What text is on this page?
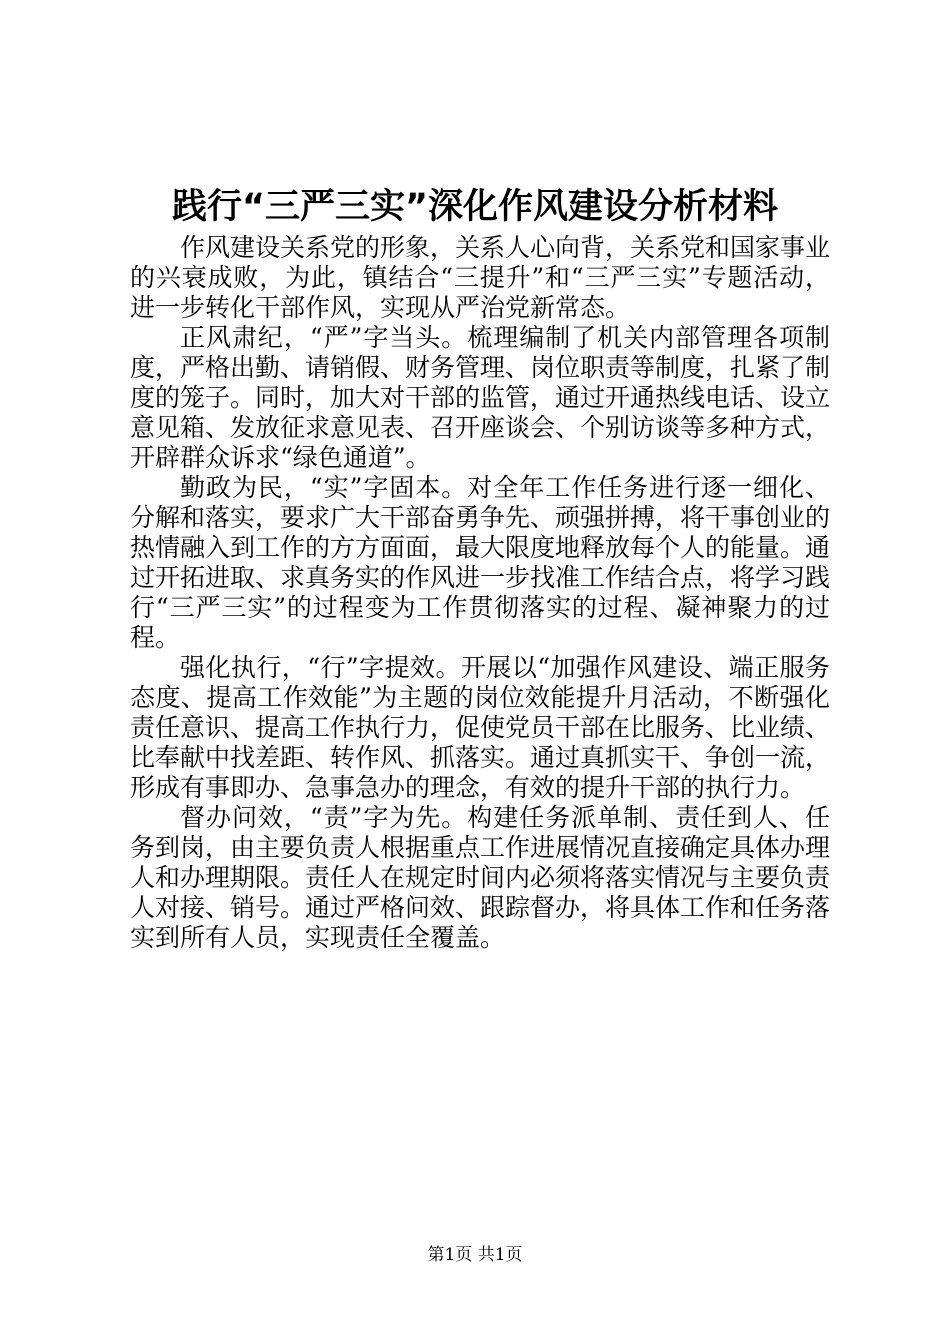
践行“三严三实”深化作风建设分析材料

作风建设关系党的形象，关系人心向背，关系党和国家事业的兴衰成败，为此，镇结合“三提升”和“三严三实”专题活动，进一步转化干部作风，实现从严治党新常态。

正风肃纪，“严”字当头。梳理编制了机关内部管理各项制度，严格出勤、请销假、财务管理、岗位职责等制度，扎紧了制度的笼子。同时，加大对干部的监管，通过开通热线电话、设立意见箱、发放征求意见表、召开座谈会、个别访谈等多种方式，开辟群众诉求“绿色通道”。

勤政为民，“实”字固本。对全年工作任务进行逐一细化、分解和落实，要求广大干部奋勇争先、顽强拼搏，将干事创业的热情融入到工作的方方面面，最大限度地释放每个人的能量。通过开拓进取、求真务实的作风进一步找准工作结合点，将学习践行“三严三实”的过程变为工作贯彻落实的过程、凝神聚力的过程。

强化执行，“行”字提效。开展以“加强作风建设、端正服务态度、提高工作效能”为主题的岗位效能提升月活动，不断强化责任意识、提高工作执行力，促使党员干部在比服务、比业绩、比奉献中找差距、转作风、抓落实。通过真抓实干、争创一流，形成有事即办、急事急办的理念，有效的提升干部的执行力。

督办问效，“责”字为先。构建任务派单制、责任到人、任务到岗，由主要负责人根据重点工作进展情况直接确定具体办理人和办理期限。责任人在规定时间内必须将落实情况与主要负责人对接、销号。通过严格问效、跟踪督办，将具体工作和任务落实到所有人员，实现责任全覆盖。

第1页 共1页
